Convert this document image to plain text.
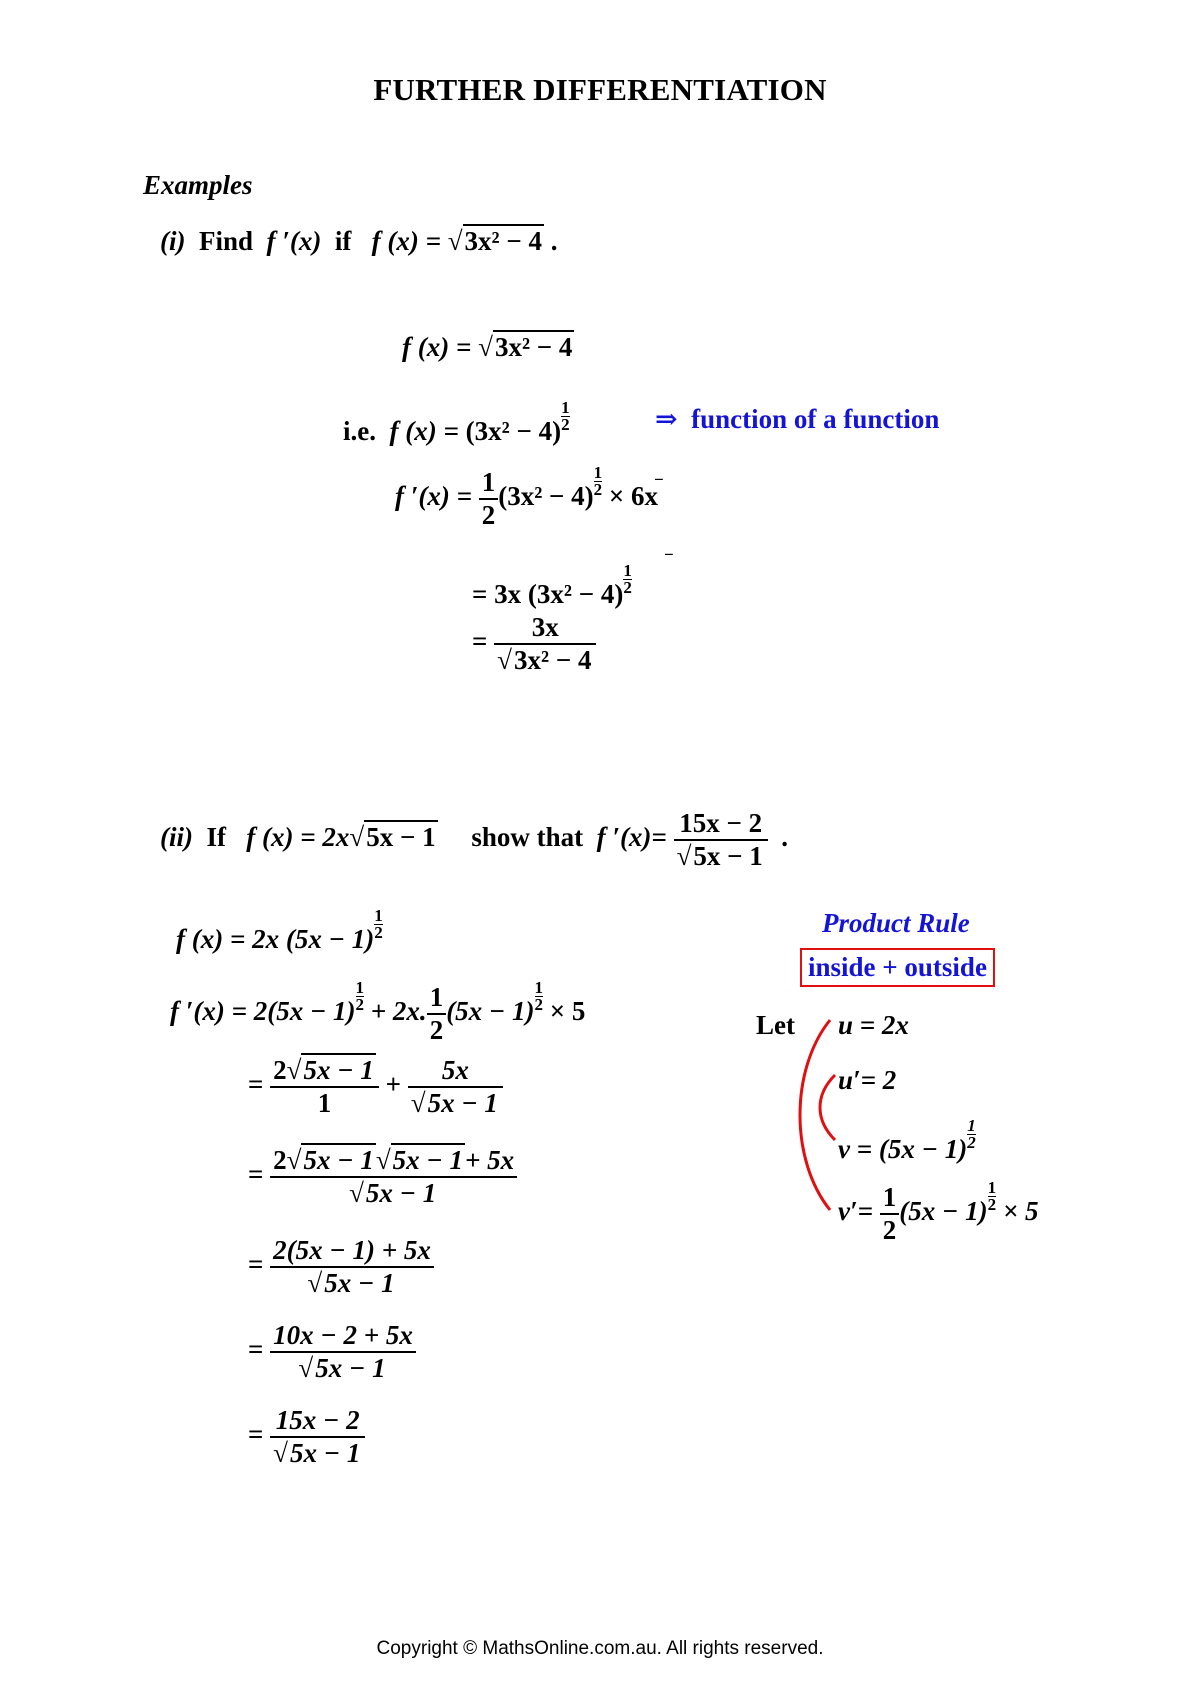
FURTHER DIFFERENTIATION
Examples
(i) Find f ′(x) if f (x) = √3x² − 4 .
f (x) = √3x² − 4
i.e. f $(x) = (3x^2 - 4) \frac{1}{2}$	⇒ function of a function
f $'(x) = \frac{1}{2} (3x^2 - 4) \frac{1}{2} \times 6x$
−
= 3x $(3x^2 - 4) \frac{1}{2}$
−
= $\frac{3x}{\text{√3x² − 4}}$
(ii) If f (x) = 2x√5x − 1 show that f $'(x)= \frac{15x - 2}{√5x - 1}$ .
f (x) = 2x $(5x - 1) \frac{1}{2}$
f $'(x) = 2(5x - 1) \frac{1}{2} + 2x$. $\frac{1}{2} (5x - 1) \frac{1}{2} \times 5$
= $\frac{2√5x - 1}{1} + \frac{5x}{√5x - 1}$
= $\frac{2√5x - 1√5x - 1+ 5x}{√5x - 1}$
= $\frac{2(5x - 1) + 5x}{√5x - 1}$
= $\frac{10x - 2 + 5x}{√5x - 1}$
= $\frac{15x - 2}{√5x - 1}$
Product Rule
inside + outside
Let u = 2x
u′= 2
$v = (5x - 1) \frac{1}{2}$
$v'= \frac{1}{2} (5x - 1) \frac{1}{2} \times 5$
Copyright © MathsOnline.com.au. All rights reserved.
